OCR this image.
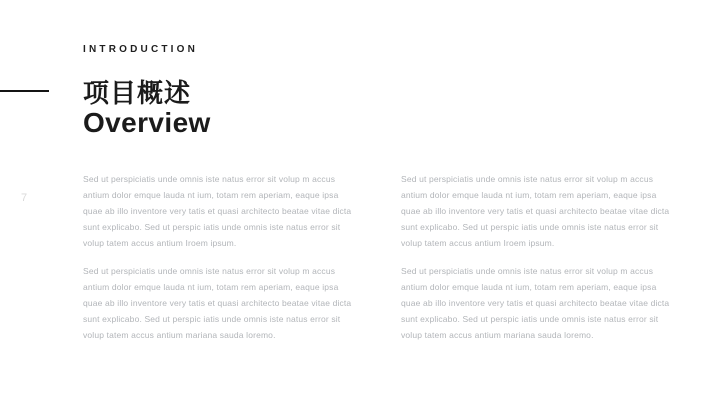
7
INTRODUCTION
项目概述
Overview

Sed ut perspiciatis unde omnis iste natus error sit volup m accus antium dolor emque lauda nt ium, totam rem aperiam, eaque ipsa quae ab illo inventore very tatis et quasi architecto beatae vitae dicta sunt explicabo. Sed ut perspic iatis unde omnis iste natus error sit volup tatem accus antium Iroem ipsum.

Sed ut perspiciatis unde omnis iste natus error sit volup m accus antium dolor emque lauda nt ium, totam rem aperiam, eaque ipsa quae ab illo inventore very tatis et quasi architecto beatae vitae dicta sunt explicabo. Sed ut perspic iatis unde omnis iste natus error sit volup tatem accus antium mariana sauda loremo.

Sed ut perspiciatis unde omnis iste natus error sit volup m accus antium dolor emque lauda nt ium, totam rem aperiam, eaque ipsa quae ab illo inventore very tatis et quasi architecto beatae vitae dicta sunt explicabo. Sed ut perspic iatis unde omnis iste natus error sit volup tatem accus antium Iroem ipsum.

Sed ut perspiciatis unde omnis iste natus error sit volup m accus antium dolor emque lauda nt ium, totam rem aperiam, eaque ipsa quae ab illo inventore very tatis et quasi architecto beatae vitae dicta sunt explicabo. Sed ut perspic iatis unde omnis iste natus error sit volup tatem accus antium mariana sauda loremo.
